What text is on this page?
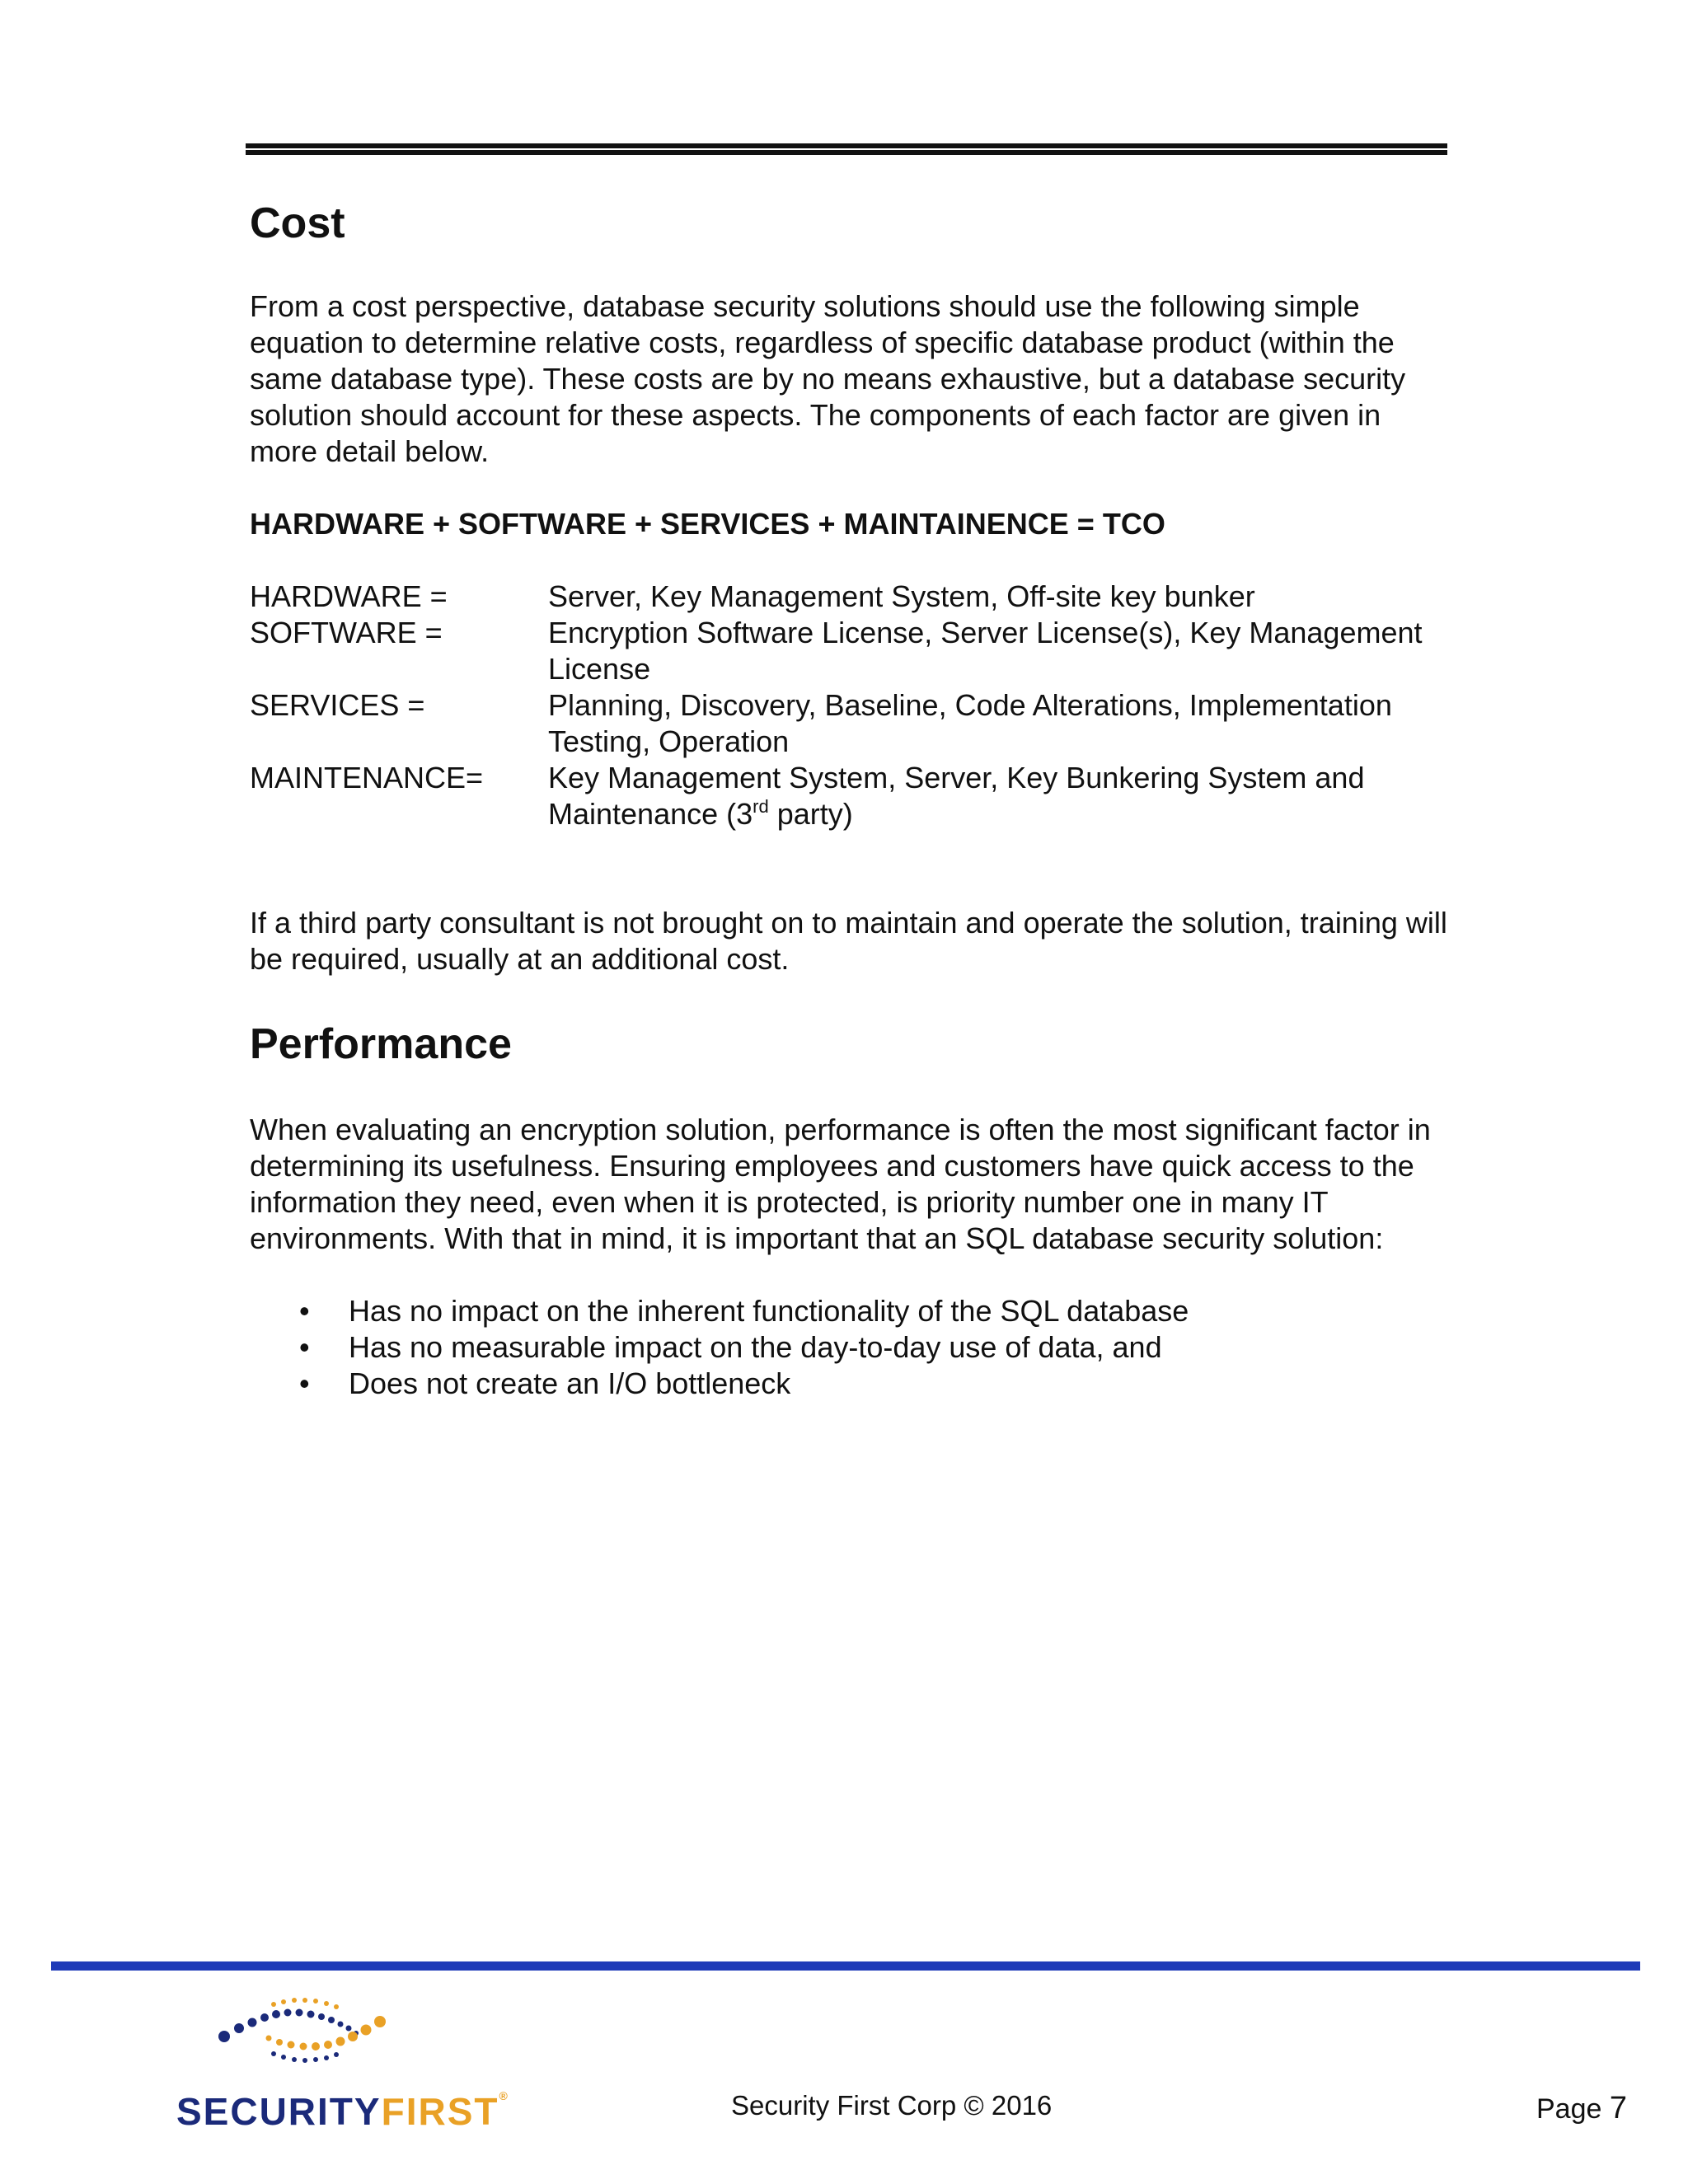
Cost

From a cost perspective, database security solutions should use the following simple equation to determine relative costs, regardless of specific database product (within the same database type). These costs are by no means exhaustive, but a database security solution should account for these aspects. The components of each factor are given in more detail below.

HARDWARE + SOFTWARE + SERVICES + MAINTAINENCE = TCO

HARDWARE =	Server, Key Management System, Off-site key bunker

SOFTWARE =	Encryption Software License, Server License(s), Key Management License

SERVICES =	Planning, Discovery, Baseline, Code Alterations, Implementation Testing, Operation

MAINTENANCE=	Key Management System, Server, Key Bunkering System and Maintenance (3rd party)

If a third party consultant is not brought on to maintain and operate the solution, training will be required, usually at an additional cost.

Performance

When evaluating an encryption solution, performance is often the most significant factor in determining its usefulness. Ensuring employees and customers have quick access to the information they need, even when it is protected, is priority number one in many IT environments. With that in mind, it is important that an SQL database security solution:

• Has no impact on the inherent functionality of the SQL database
• Has no measurable impact on the day-to-day use of data, and
• Does not create an I/O bottleneck
SECURITYFIRST®	Security First Corp © 2016	Page 7
